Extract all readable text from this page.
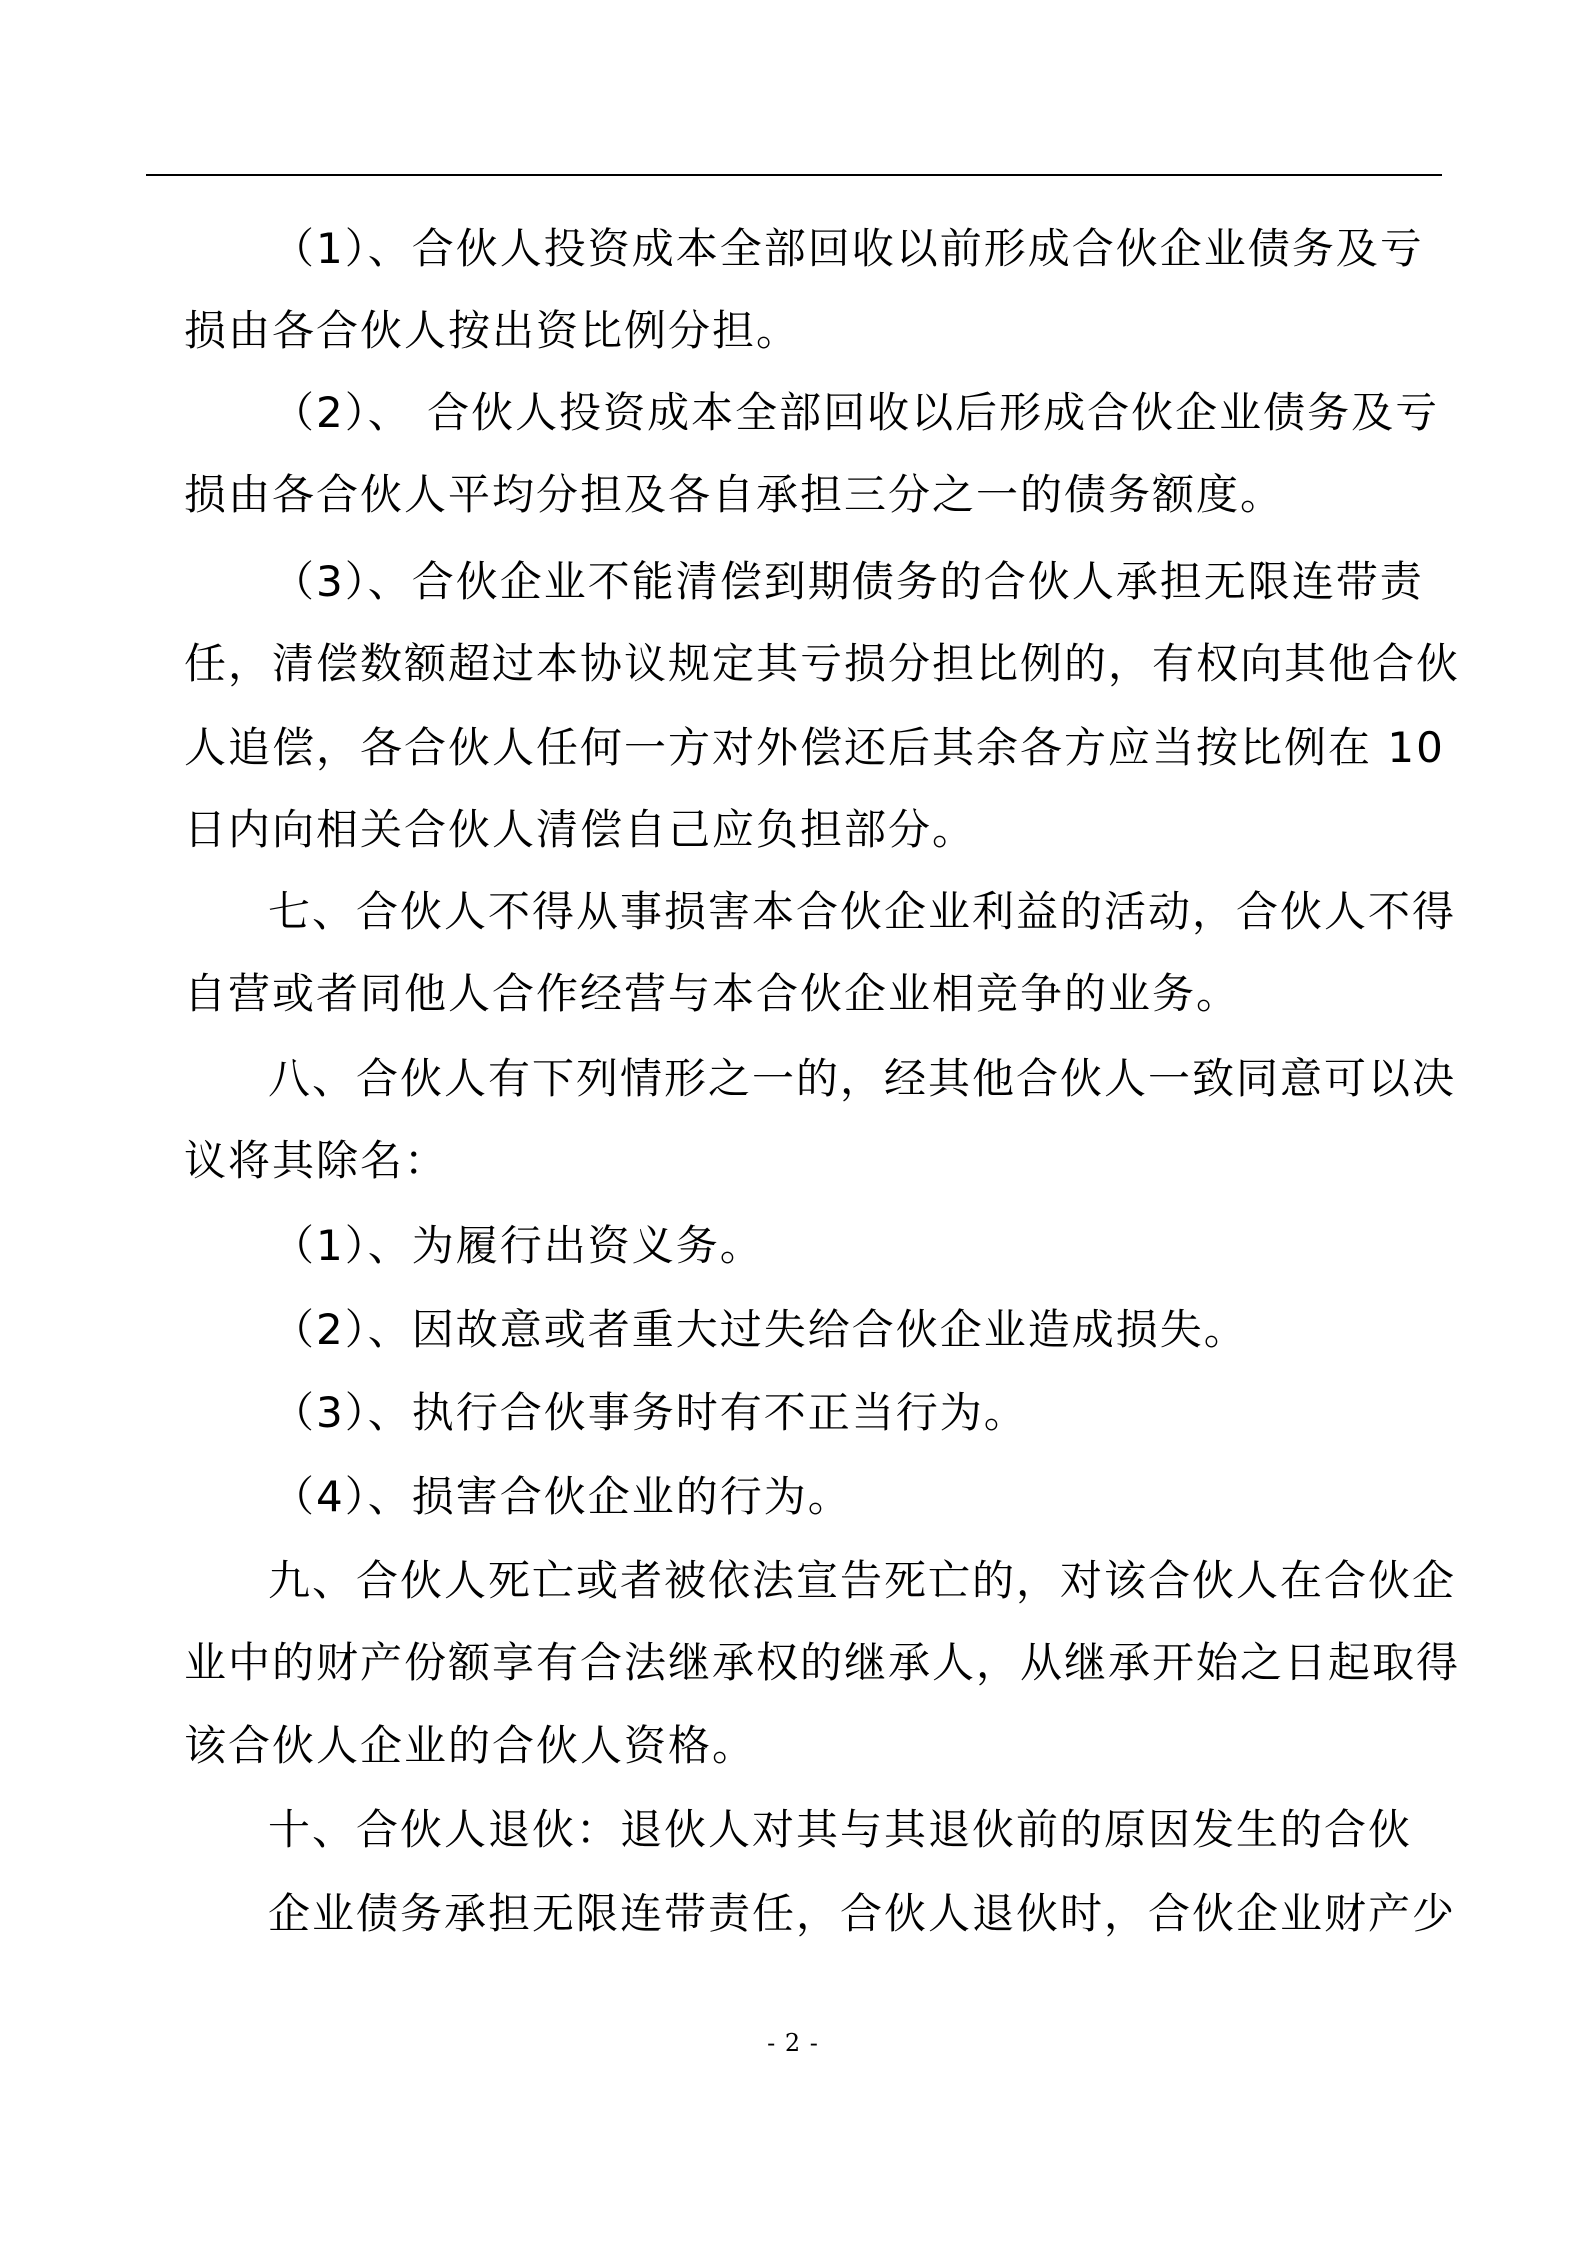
（1）、合伙人投资成本全部回收以前形成合伙企业债务及亏

损由各合伙人按出资比例分担。

（2）、 合伙人投资成本全部回收以后形成合伙企业债务及亏

损由各合伙人平均分担及各自承担三分之一的债务额度。

（3）、合伙企业不能清偿到期债务的合伙人承担无限连带责

任，清偿数额超过本协议规定其亏损分担比例的，有权向其他合伙

人追偿，各合伙人任何一方对外偿还后其余各方应当按比例在 10

日内向相关合伙人清偿自己应负担部分。

七、合伙人不得从事损害本合伙企业利益的活动，合伙人不得

自营或者同他人合作经营与本合伙企业相竞争的业务。

八、合伙人有下列情形之一的，经其他合伙人一致同意可以决

议将其除名：

（1）、为履行出资义务。

（2）、因故意或者重大过失给合伙企业造成损失。

（3）、执行合伙事务时有不正当行为。

（4）、损害合伙企业的行为。

九、合伙人死亡或者被依法宣告死亡的，对该合伙人在合伙企

业中的财产份额享有合法继承权的继承人，从继承开始之日起取得

该合伙人企业的合伙人资格。

十、合伙人退伙：退伙人对其与其退伙前的原因发生的合伙

企业债务承担无限连带责任，合伙人退伙时，合伙企业财产少

- 2 -
